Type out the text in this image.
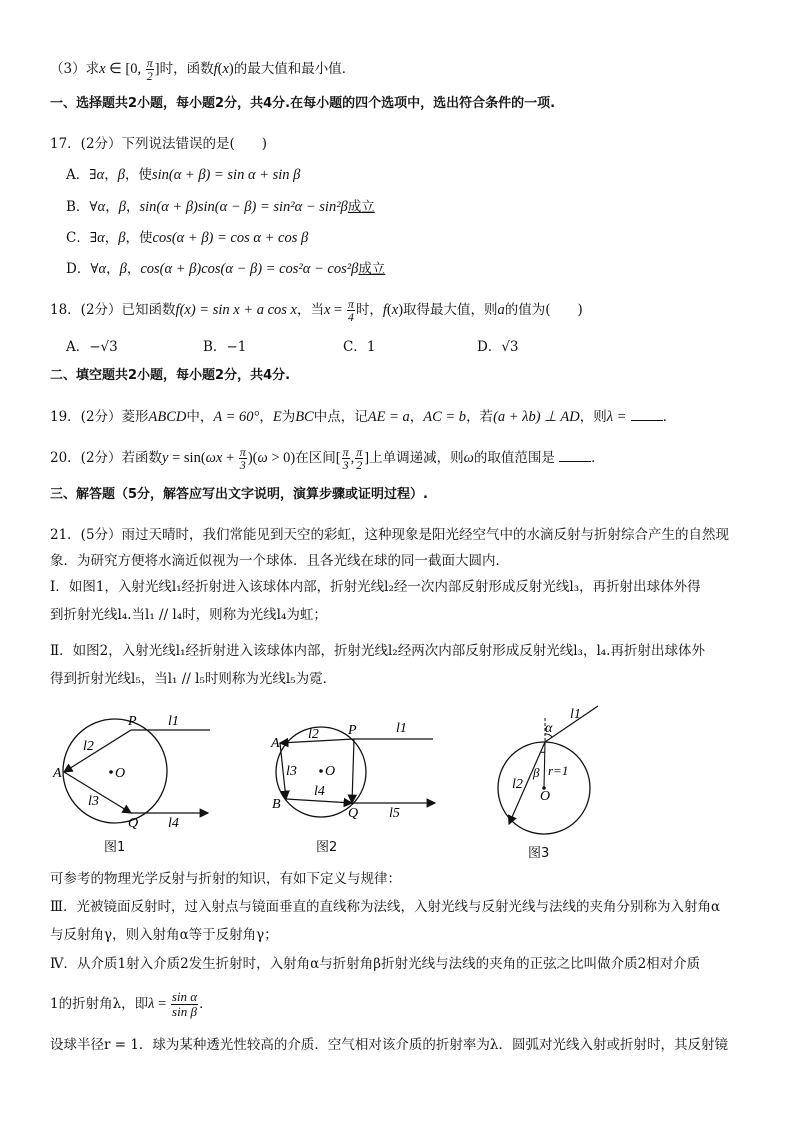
（3）求x ∈ [0, $\frac{\pi}{2}$ ]时，函数f(x)的最大值和最小值．
一、选择题共2小题，每小题2分，共4分.在每小题的四个选项中，选出符合条件的一项.
17．(2分）下列说法错误的是(　　)
A．∃α，β，使sin(α + β) = sin α + sin β
B．∀α，β，sin(α + β)sin(α − β) = sin²α − sin²β成立
C．∃α，β，使cos(α + β) = cos α + cos β
D．∀α，β，cos(α + β)cos(α − β) = cos²α − cos²β成立
18．(2分）已知函数f(x) = sin x + a cos x，当$x = \frac{\pi}{4}$ 时，f(x)取得最大值，则a的值为(　　)
A．−√3	B．−1	C．1	D．√3
二、填空题共2小题，每小题2分，共4分.
19．(2分）菱形ABCD中，A = 60°，E为BC中点，记AE = a，AC = b，若(a + λb) ⊥ AD，则λ =	．
20．(2分）若函数$y = \sin(\omega x + \frac{\pi}{3} )(\omega > 0)$在区间[ $\frac{\pi}{3}$ , $\frac{\pi}{2}$ ]上单调递减，则ω的取值范围是	．
三、解答题（5分，解答应写出文字说明，演算步骤或证明过程）.
21．(5分）雨过天晴时，我们常能见到天空的彩虹，这种现象是阳光经空气中的水滴反射与折射综合产生的自然现
象．为研究方便将水滴近似视为一个球体．且各光线在球的同一截面大圆内．
Ⅰ．如图1，入射光线l₁经折射进入该球体内部，折射光线l₂经一次内部反射形成反射光线l₃，再折射出球体外得
到折射光线l₄.当l₁ // l₄时，则称为光线l₄为虹；
Ⅱ．如图2，入射光线l₁经折射进入该球体内部，折射光线l₂经两次内部反射形成反射光线l₃，l₄.再折射出球体外
得到折射光线l₅，当l₁ // l₅时则称为光线l₅为霓．
P l1
l2
A	O
l3
Q l4
图1
P
l2	l1
A
O
l3
l4
B
Q l5
图2
α
l1
β r=1
l2
O
图3
可参考的物理光学反射与折射的知识，有如下定义与规律：
Ⅲ．光被镜面反射时，过入射点与镜面垂直的直线称为法线，入射光线与反射光线与法线的夹角分别称为入射角α
与反射角γ，则入射角α等于反射角γ；
Ⅳ．从介质1射入介质2发生折射时，入射角α与折射角β折射光线与法线的夹角的正弦之比叫做介质2相对介质
1的折射角λ，即$\lambda = \frac{\text{sin α}}{\text{sin β}}$ ．
设球半径r = 1．球为某种透光性较高的介质．空气相对该介质的折射率为λ．圆弧对光线入射或折射时，其反射镜
